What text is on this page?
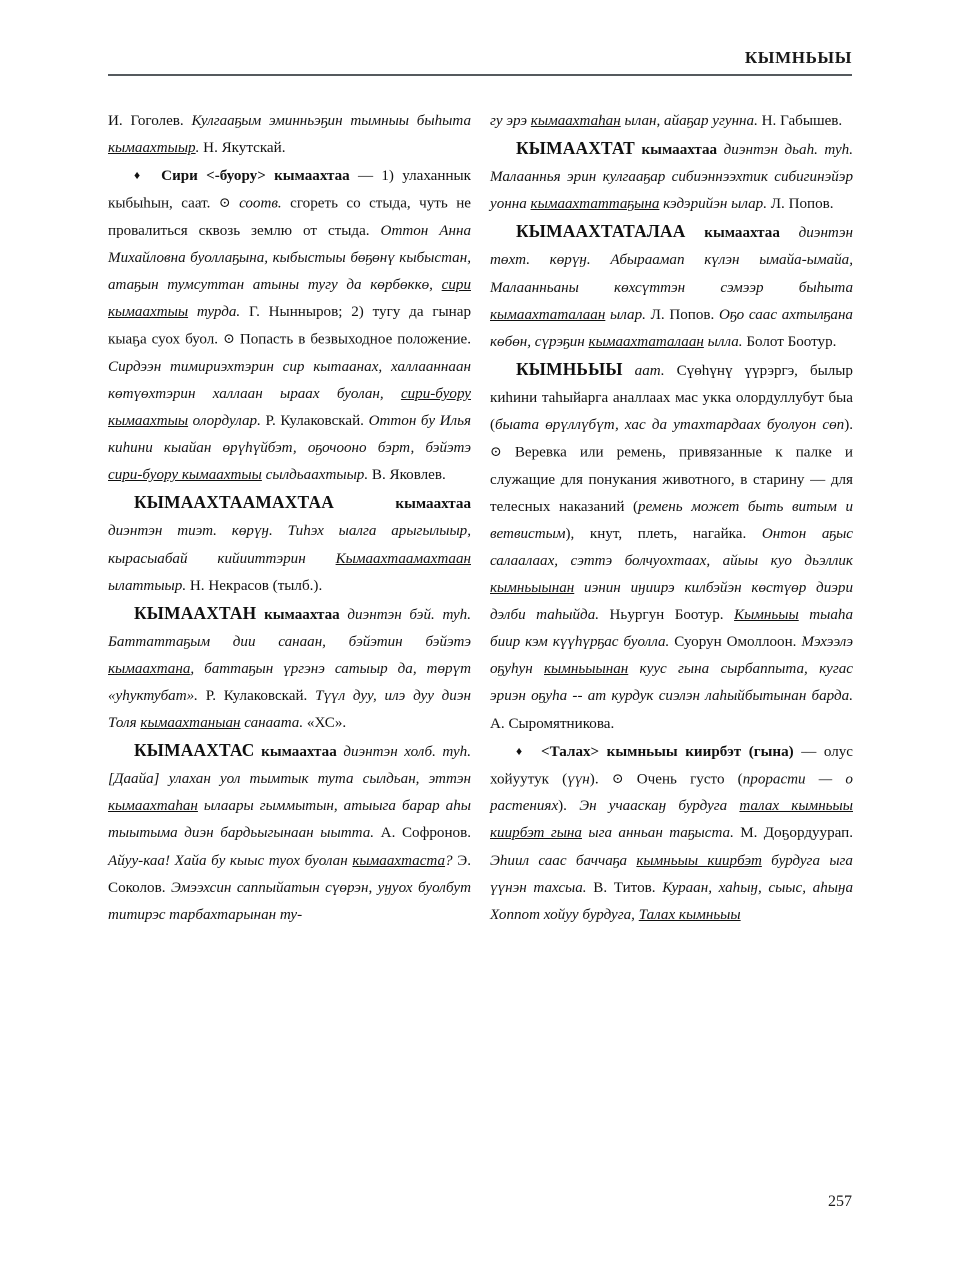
КЫМНЬЫЫ

И. Гоголев. Кулгааҕым эминньэҕин тымныы быһыта кымаахтыыр. Н. Якутскай.

♦ Сири <-буору> кымаахтаа — 1) улаханнык кыбыһын, саат. ⊙ соотв. сгореть со стыда, чуть не провалиться сквозь землю от стыда. Оттон Анна Михайловна буоллаҕына, кыбыстыы бөҕөнү кыбыстан, атаҕын тумсуттан атыны тугу да көрбөккө, сири кымаахтыы турда. Г. Нынныров; 2) тугу да гынар кыаҕа суох буол. ⊙ Попасть в безвыходное положение. Сирдээн тимириэхтэрин сир кытаанах, халлааннаан көтүөхтэрин халлаан ыраах буолан, сири-буору кымаахтыы олордулар. Р. Кулаковскай. Оттон бу Илья киһини кыайан өрүһүйбэт, оҕочооно бэрт, бэйэтэ сири-буору кымаахтыы сылдьаахтыыр. В. Яковлев.

КЫМААХТААМАХТАА	кымаахтаа диэнтэн тиэт. көрүӈ. Тиһэх ыалга арыгылыыр, кырасыабай кийииттэрин Кымаахтаамахтаан ылаттыыр. Н. Некрасов (тылб.).

КЫМААХТАН кымаахтаа диэнтэн бэй. туһ. Баттаттаҕым дии санаан, бэйэтин бэйэтэ кымаахтана, баттаҕын үргэнэ сатыыр да, төрүт «уһуктубат». Р. Кулаковскай. Түүл дуу, илэ дуу диэн Толя кымаахтаныан санаата. «ХС».

КЫМААХТАС кымаахтаа диэнтэн холб. туһ. [Даайа] улахан уол тымтык тута сылдьан, эттэн кымаахтаһан ылаары гыммытын, атыыга барар аһы тыытыма диэн бардьыгынаан ыытта. А. Софронов. Айуу-каа! Хайа бу кыыс туох буолан кымаахтаста? Э. Соколов. Эмээхсин саппыйатын сүөрэн, уӈуох буолбут титирэс тарбахтарынан ту-

гу эрэ кымаахтаһан ылан, айаҕар угунна. Н. Габышев.

КЫМААХТАТ кымаахтаа диэнтэн дьаһ. туһ. Малааннья эрин кулгааҕар сибиэннээхтик сибигинэйэр уонна кымаахтаттаҕына кэдэрийэн ылар. Л. Попов.

КЫМААХТАТАЛАА кымаахтаа диэнтэн төхт. көрүӈ. Абыраамап күлэн ымайа-ымайа, Малаанньаны көхсүттэн сэмээр быһыта кымаахтаталаан ылар. Л. Попов. Оҕо саас ахтылҕана көбөн, сүрэҕин кымаахтаталаан ылла. Болот Боотур.

КЫМНЬЫЫ аат. Сүөһүнү үүрэргэ, былыр киһини таһыйарга аналлаах мас укка олордуллубут быа (быата өрүллүбүт, хас да утахтардаах буолуон сөп). ⊙ Веревка или ремень, привязанные к палке и служащие для понукания животного, в старину — для телесных наказаний (ремень может быть витым и ветвистым), кнут, плеть, нагайка. Онтон аҕыс салаалаах, сэттэ болчуохтаах, айыы куо дьэллик кымньыынан иэнин иӈиирэ килбэйэн көстүөр диэри дэлби таһыйда. Ньургун Боотур. Кымньыы тыаһа биир кэм күүһүрҕас буолла. Суорун Омоллоон. Мэхээлэ оҕуһун кымньыынан куус гына сырбаппыта, кугас эриэн оҕуһа -- ат курдук сиэлэн лаһыйбытынан барда. А. Сыромятникова.

♦ <Талах> кымньыы киирбэт (гына) — олус хойуутук (үүн). ⊙ Очень густо (прорасти — о растениях). Эн учааскаӈ бурдуга талах кымньыы киирбэт гына ыга анньан таҕыста. М. Доҕордуурап. Эһиил саас баччаҕа кымньыы киирбэт бурдуга ыга үүнэн тахсыа. В. Титов. Кураан, хаһыӈ, сыыс, аһыӈа Хоппот хойуу бурдуга, Талах кымньыы

257
